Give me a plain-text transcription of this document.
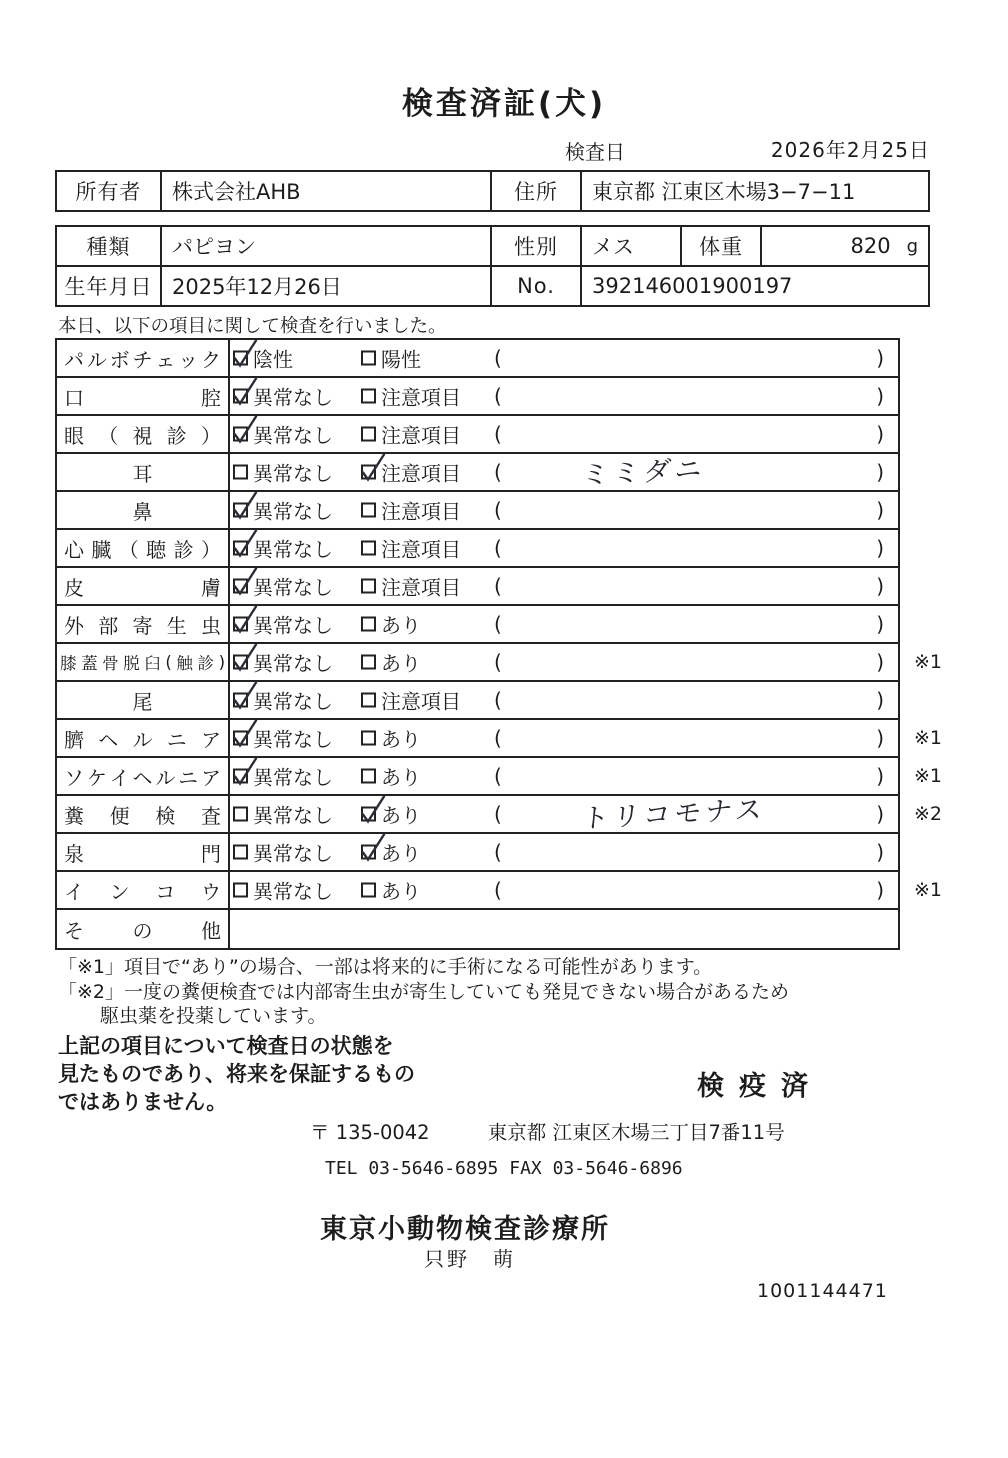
検査済証(犬)
検査日	2026年2月25日
所有者	株式会社AHB	住所	東京都 江東区木場3−7−11
種類	パピヨン	性別	メス	体重	820 g
生年月日 2025年12月26日	No.	392146001900197
本日、以下の項目に関して検査を行いました。
パ ル ボ チ ェ ッ ク 陰性	陽性	(	)
口	腔 異常なし 注意項目 (	)
眼 （ 視 診 ） 異常なし 注意項目 (	)
耳	異常なし 注意項目 (	ミミダニ	)
鼻	異常なし 注意項目 (	)
心 臓 （ 聴 診 ） 異常なし 注意項目 (	)
皮	膚 異常なし 注意項目 (	)
外 部 寄 生 虫 異常なし あり	(	)
膝 蓋 骨 脱 臼 ( 触 診 ) 異常なし あり	(	) ※1
尾	異常なし 注意項目 (	)
臍 ヘ ル ニ ア 異常なし あり	(	) ※1
ソ ケ イ ヘ ル ニ ア 異常なし あり	(	) ※1
糞 便 検 査 異常なし あり	(	トリコモナス	) ※2
泉	門 異常なし あり	(	)
イ ン コ ウ 異常なし あり	(	) ※1
そ の 他
「※1」項目で“あり”の場合、一部は将来的に手術になる可能性があります。
「※2」一度の糞便検査では内部寄生虫が寄生していても発見できない場合があるため
駆虫薬を投薬しています。
上記の項目について検査日の状態を
見たものであり、将来を保証するもの
ではありません。	検疫済
〒 135-0042	東京都 江東区木場三丁目7番11号
TEL 03-5646-6895 FAX 03-5646-6896
東京小動物検査診療所
只野　萌
1001144471
